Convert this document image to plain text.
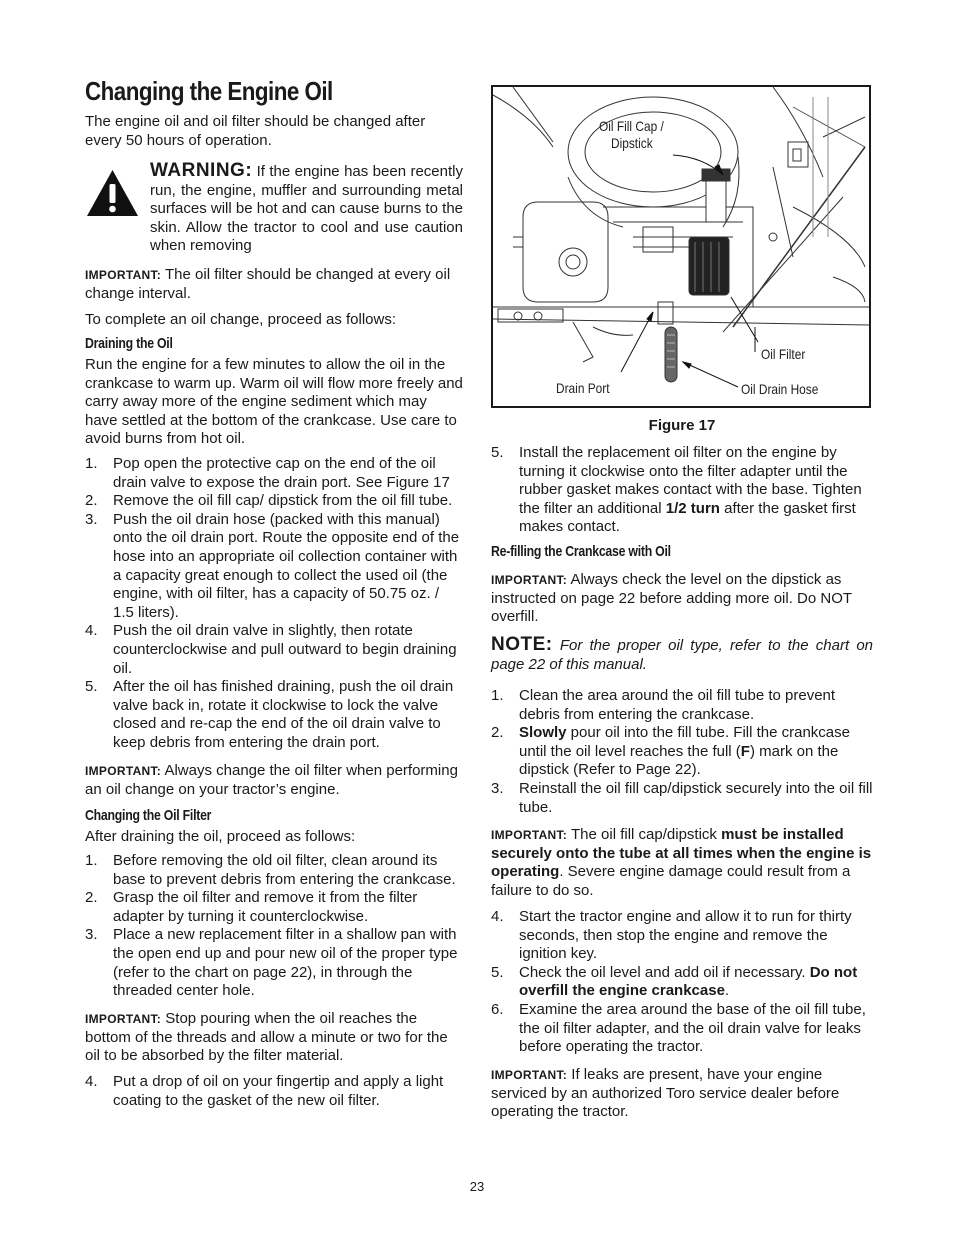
Changing the Engine Oil

The engine oil and oil filter should be changed after every 50 hours of operation.

WARNING: If the engine has been recently run, the engine, muffler and surrounding metal surfaces will be hot and can cause burns to the skin. Allow the tractor to cool and use caution when removing

IMPORTANT: The oil filter should be changed at every oil change interval.

To complete an oil change, proceed as follows:

Draining the Oil

Run the engine for a few minutes to allow the oil in the crankcase to warm up. Warm oil will flow more freely and carry away more of the engine sediment which may have settled at the bottom of the crankcase. Use care to avoid burns from hot oil.

1. Pop open the protective cap on the end of the oil drain valve to expose the drain port. See Figure 17
2. Remove the oil fill cap/ dipstick from the oil fill tube.
3. Push the oil drain hose (packed with this manual) onto the oil drain port. Route the opposite end of the hose into an appropriate oil collection container with a capacity great enough to collect the used oil (the engine, with oil filter, has a capacity of 50.75 oz. / 1.5 liters).
4. Push the oil drain valve in slightly, then rotate counterclockwise and pull outward to begin draining oil.
5. After the oil has finished draining, push the oil drain valve back in, rotate it clockwise to lock the valve closed and re-cap the end of the oil drain valve to keep debris from entering the drain port.

IMPORTANT: Always change the oil filter when performing an oil change on your tractor’s engine.

Changing the Oil Filter

After draining the oil, proceed as follows:

1. Before removing the old oil filter, clean around its base to prevent debris from entering the crankcase.
2. Grasp the oil filter and remove it from the filter adapter by turning it counterclockwise.
3. Place a new replacement filter in a shallow pan with the open end up and pour new oil of the proper type (refer to the chart on page 22), in through the threaded center hole.

IMPORTANT: Stop pouring when the oil reaches the bottom of the threads and allow a minute or two for the oil to be absorbed by the filter material.

4. Put a drop of oil on your fingertip and apply a light coating to the gasket of the new oil filter.
Oil Fill Cap /
Dipstick
Oil Filter
Drain Port	Oil Drain Hose
Figure 17
5. Install the replacement oil filter on the engine by turning it clockwise onto the filter adapter until the rubber gasket makes contact with the base. Tighten the filter an additional 1/2 turn after the gasket first makes contact.
Re-filling the Crankcase with Oil

IMPORTANT: Always check the level on the dipstick as instructed on page 22 before adding more oil. Do NOT overfill.

NOTE: For the proper oil type, refer to the chart on page 22 of this manual.

1. Clean the area around the oil fill tube to prevent debris from entering the crankcase.
2. Slowly pour oil into the fill tube. Fill the crankcase until the oil level reaches the full (F) mark on the dipstick (Refer to Page 22).
3. Reinstall the oil fill cap/dipstick securely into the oil fill tube.

IMPORTANT: The oil fill cap/dipstick must be installed securely onto the tube at all times when the engine is operating. Severe engine damage could result from a failure to do so.

4. Start the tractor engine and allow it to run for thirty seconds, then stop the engine and remove the ignition key.
5. Check the oil level and add oil if necessary. Do not overfill the engine crankcase.
6. Examine the area around the base of the oil fill tube, the oil filter adapter, and the oil drain valve for leaks before operating the tractor.

IMPORTANT: If leaks are present, have your engine serviced by an authorized Toro service dealer before operating the tractor.

23
